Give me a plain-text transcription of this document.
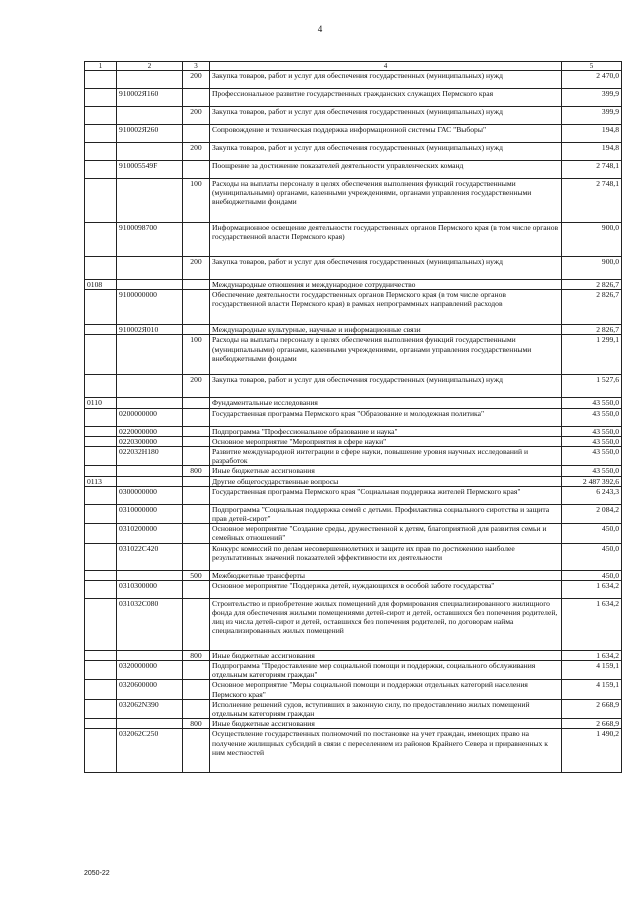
4
1	2	3	4	5
		200	Закупка товаров, работ и услуг для обеспечения государственных (муниципальных) нужд	2 470,0
	910002Я160		Профессиональное развитие государственных гражданских служащих Пермского края	399,9
		200	Закупка товаров, работ и услуг для обеспечения государственных (муниципальных) нужд	399,9
	910002Я260		Сопровождение и техническая поддержка информационной системы ГАС "Выборы"	194,8
		200	Закупка товаров, работ и услуг для обеспечения государственных (муниципальных) нужд	194,8
	910005549F		Поощрение за достижение показателей деятельности управленческих команд	2 748,1
		100	Расходы на выплаты персоналу в целях обеспечения выполнения функций государственными (муниципальными) органами, казенными учреждениями, органами управления государственными внебюджетными фондами	2 748,1
	9100098700		Информационное освещение деятельности государственных органов Пермского края (в том числе органов государственной власти Пермского края)	900,0
		200	Закупка товаров, работ и услуг для обеспечения государственных (муниципальных) нужд	900,0
0108			Международные отношения и международное сотрудничество	2 826,7
	9100000000		Обеспечение деятельности государственных органов Пермского края (в том числе органов государственной власти Пермского края) в рамках непрограммных направлений расходов	2 826,7
	910002Я010		Международные культурные, научные и информационные связи	2 826,7
		100	Расходы на выплаты персоналу в целях обеспечения выполнения функций государственными (муниципальными) органами, казенными учреждениями, органами управления государственными внебюджетными фондами	1 299,1
		200	Закупка товаров, работ и услуг для обеспечения государственных (муниципальных) нужд	1 527,6
0110			Фундаментальные исследования	43 550,0
	0200000000		Государственная программа Пермского края "Образование и молодежная политика"	43 550,0
	0220000000		Подпрограмма "Профессиональное образование и наука"	43 550,0
	0220300000		Основное мероприятие "Мероприятия в сфере науки"	43 550,0
	022032Н180		Развитие международной интеграции в сфере науки, повышение уровня научных исследований и разработок	43 550,0
		800	Иные бюджетные ассигнования	43 550,0
0113			Другие общегосударственные вопросы	2 487 392,6
	0300000000		Государственная программа Пермского края "Социальная поддержка жителей Пермского края"	6 243,3
	0310000000		Подпрограмма "Социальная поддержка семей с детьми. Профилактика социального сиротства и защита прав детей-сирот"	2 084,2
	0310200000		Основное мероприятие "Создание среды, дружественной к детям, благоприятной для развития семьи и семейных отношений"	450,0
	031022С420		Конкурс комиссий по делам несовершеннолетних и защите их прав по достижению наиболее результативных значений показателей эффективности их деятельности	450,0
		500	Межбюджетные трансферты	450,0
	0310300000		Основное мероприятие "Поддержка детей, нуждающихся в особой заботе государства"	1 634,2
	031032С080		Строительство и приобретение жилых помещений для формирования специализированного жилищного фонда для обеспечения жилыми помещениями детей-сирот и детей, оставшихся без попечения родителей, лиц из числа детей-сирот и детей, оставшихся без попечения родителей, по договорам найма специализированных жилых помещений	1 634,2
		800	Иные бюджетные ассигнования	1 634,2
	0320000000		Подпрограмма "Предоставление мер социальной помощи и поддержки, социального обслуживания отдельным категориям граждан"	4 159,1
	0320600000		Основное мероприятие "Меры социальной помощи и поддержки отдельных категорий населения Пермского края"	4 159,1
	032062N390		Исполнение решений судов, вступивших в законную силу, по предоставлению жилых помещений отдельным категориям граждан	2 668,9
		800	Иные бюджетные ассигнования	2 668,9
	032062С250		Осуществление государственных полномочий по постановке на учет граждан, имеющих право на получение жилищных субсидий в связи с переселением из районов Крайнего Севера и приравненных к ним местностей	1 490,2
2050-22
